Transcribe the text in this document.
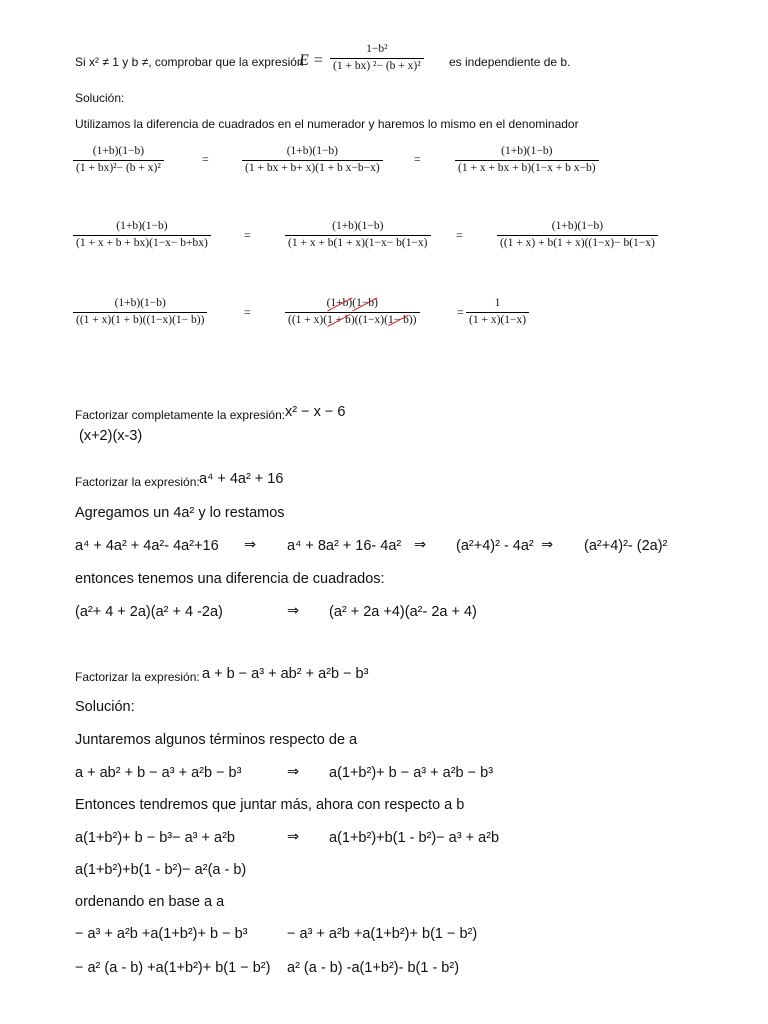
Si x² ≠ 1 y b ≠, comprobar que la expresión
$E = \frac{\text{1−b²}}{\text{(1 + bx) ²− (b + x)²}}$ es independiente de b.
Solución:
Utilizamos la diferencia de cuadrados en el numerador y haremos lo mismo en el denominador
$\frac{(1+b)(1-b)}{\text{(1 + bx)²− (b + x)²}}$	=	$\frac{(1+b)(1-b)}{\text{(1 + bx + b+ x)(1 + b x−b−x)}}$	=	$\frac{(1+b)(1-b)}{\text{(1 + x + bx + b)(1−x + b x−b)}}$
$\frac{(1+b)(1-b)}{(1 + x + b + bx)(1-x- b+bx)}$	=	$\frac{(1+b)(1-b)}{(1 + x + b(1 + x)(1-x- b(1-x)}$ =	$\frac{(1+b)(1-b)}{((1 + x) + b(1 + x)((1-x)- b(1-x)}$
$\frac{(1+b)(1-b)}{((1 + x)(1 + b)((1-x)(1- b))}$	=	$\frac{(1+b)(1-b)}{((1 + x)(1 + b)((1-x)(1- b))}$	= $\frac{1}{(1 + x)(1-x)}$
Factorizar completamente la expresión: x² − x − 6
(x+2)(x-3)
Factorizar la expresión: a⁴ + 4a² + 16
Agregamos un 4a² y lo restamos
a⁴ + 4a² + 4a²- 4a²+16 ⇒ a⁴ + 8a² + 16- 4a² ⇒ (a²+4)² - 4a² ⇒ (a²+4)²- (2a)²
entonces tenemos una diferencia de cuadrados:
(a²+ 4 + 2a)(a² + 4 -2a)	⇒ (a² + 2a +4)(a²- 2a + 4)
Factorizar la expresión: a + b − a³ + ab² + a²b − b³
Solución:
Juntaremos algunos términos respecto de a
a + ab² + b − a³ + a²b − b³	⇒ a(1+b²)+ b − a³ + a²b − b³
Entonces tendremos que juntar más, ahora con respecto a b
a(1+b²)+ b − b³− a³ + a²b	⇒ a(1+b²)+b(1 - b²)− a³ + a²b
a(1+b²)+b(1 - b²)− a²(a - b)
ordenando en base a a
− a³ + a²b +a(1+b²)+ b − b³	− a³ + a²b +a(1+b²)+ b(1 − b²)
− a² (a - b) +a(1+b²)+ b(1 − b²) a² (a - b) -a(1+b²)- b(1 - b²)
